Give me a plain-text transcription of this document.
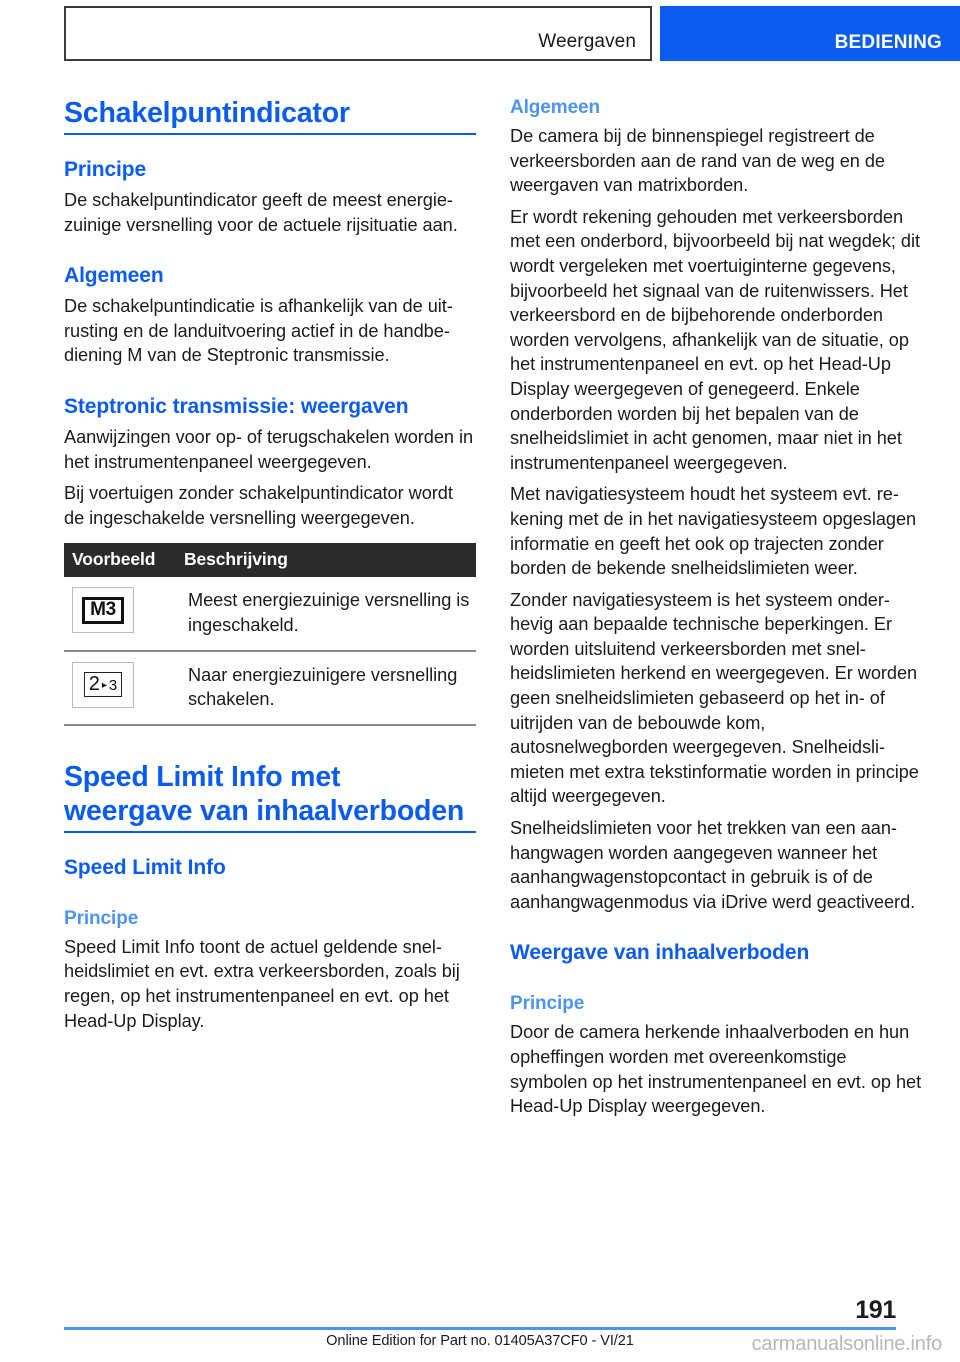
Weergaven	BEDIENING
Schakelpuntindicator
Principe

De schakelpuntindicator geeft de meest energiezuinige versnelling voor de actuele rijsituatie aan.

Algemeen

De schakelpuntindicatie is afhankelijk van de uitrusting en de landuitvoering actief in de handbediening M van de Steptronic transmissie.

Steptronic transmissie: weergaven

Aanwijzingen voor op- of terugschakelen worden in het instrumentenpaneel weergegeven.

Bij voertuigen zonder schakelpuntindicator wordt de ingeschakelde versnelling weergegeven.

Voorbeeld	Beschrijving

M3	Meest energiezuinige versnelling is ingeschakeld.

2 ▸ 3	Naar energiezuinigere versnelling schakelen.
Speed Limit Info met weergave van inhaalverboden
Speed Limit Info
Principe

Speed Limit Info toont de actuel geldende snelheidslimiet en evt. extra verkeersborden, zoals bij regen, op het instrumentenpaneel en evt. op het Head-Up Display.

Algemeen

De camera bij de binnenspiegel registreert de verkeersborden aan de rand van de weg en de weergaven van matrixborden.

Er wordt rekening gehouden met verkeersborden met een onderbord, bijvoorbeeld bij nat wegdek; dit wordt vergeleken met voertuiginterne gegevens, bijvoorbeeld het signaal van de ruitenwissers. Het verkeersbord en de bijbehorende onderborden worden vervolgens, afhankelijk van de situatie, op het instrumentenpaneel en evt. op het Head-Up Display weergegeven of genegeerd. Enkele onderborden worden bij het bepalen van de snelheidslimiet in acht genomen, maar niet in het instrumentenpaneel weergegeven.

Met navigatiesysteem houdt het systeem evt. rekening met de in het navigatiesysteem opgeslagen informatie en geeft het ook op trajecten zonder borden de bekende snelheidslimieten weer.

Zonder navigatiesysteem is het systeem onderhevig aan bepaalde technische beperkingen. Er worden uitsluitend verkeersborden met snelheidslimieten herkend en weergegeven. Er worden geen snelheidslimieten gebaseerd op het in- of uitrijden van de bebouwde kom, autosnelwegborden weergegeven. Snelheidslimieten met extra tekstinformatie worden in principe altijd weergegeven.

Snelheidslimieten voor het trekken van een aanhangwagen worden aangegeven wanneer het aanhangwagenstopcontact in gebruik is of de aanhangwagenmodus via iDrive werd geactiveerd.

Weergave van inhaalverboden
Principe

Door de camera herkende inhaalverboden en hun opheffingen worden met overeenkomstige symbolen op het instrumentenpaneel en evt. op het Head-Up Display weergegeven.

191
Online Edition for Part no. 01405A37CF0 - VI/21	carmanualsonline.info
